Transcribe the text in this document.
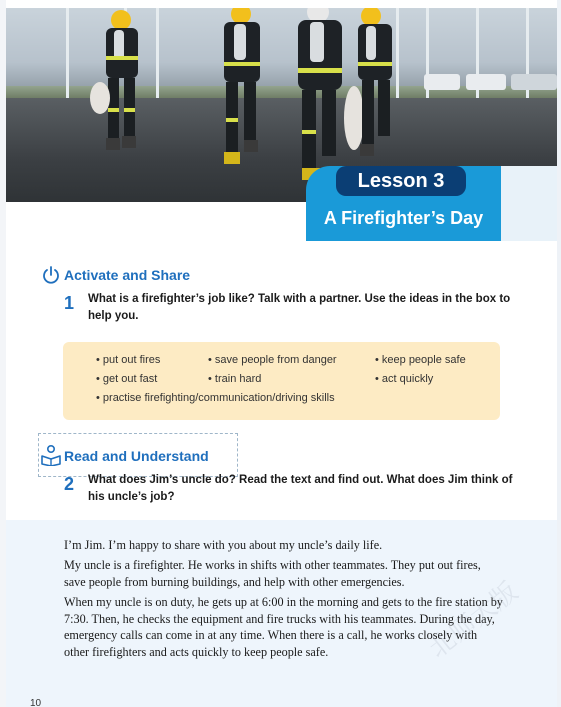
Lesson 3
A Firefighter’s Day
Activate and Share
1 What is a firefighter’s job like? Talk with a partner. Use the ideas in the box to
help you.
• put out fires	• save people from danger	• keep people safe
• get out fast	• train hard	• act quickly
• practise firefighting/communication/driving skills
Read and Understand
2 What does Jim’s uncle do? Read the text and find out. What does Jim think of
his uncle’s job?
I’m Jim. I’m happy to share with you about my uncle’s daily life.
My uncle is a firefighter. He works in shifts with other teammates. They put out fires, save people from burning buildings, and help with other emergencies.
When my uncle is on duty, he gets up at 6:00 in the morning and gets to the fire station by 7:30. Then, he checks the equipment and fire trucks with his teammates. During the day, emergency calls can come in at any time. When there is a call, he works closely with other firefighters and acts quickly to keep people safe.	北师大版
10
